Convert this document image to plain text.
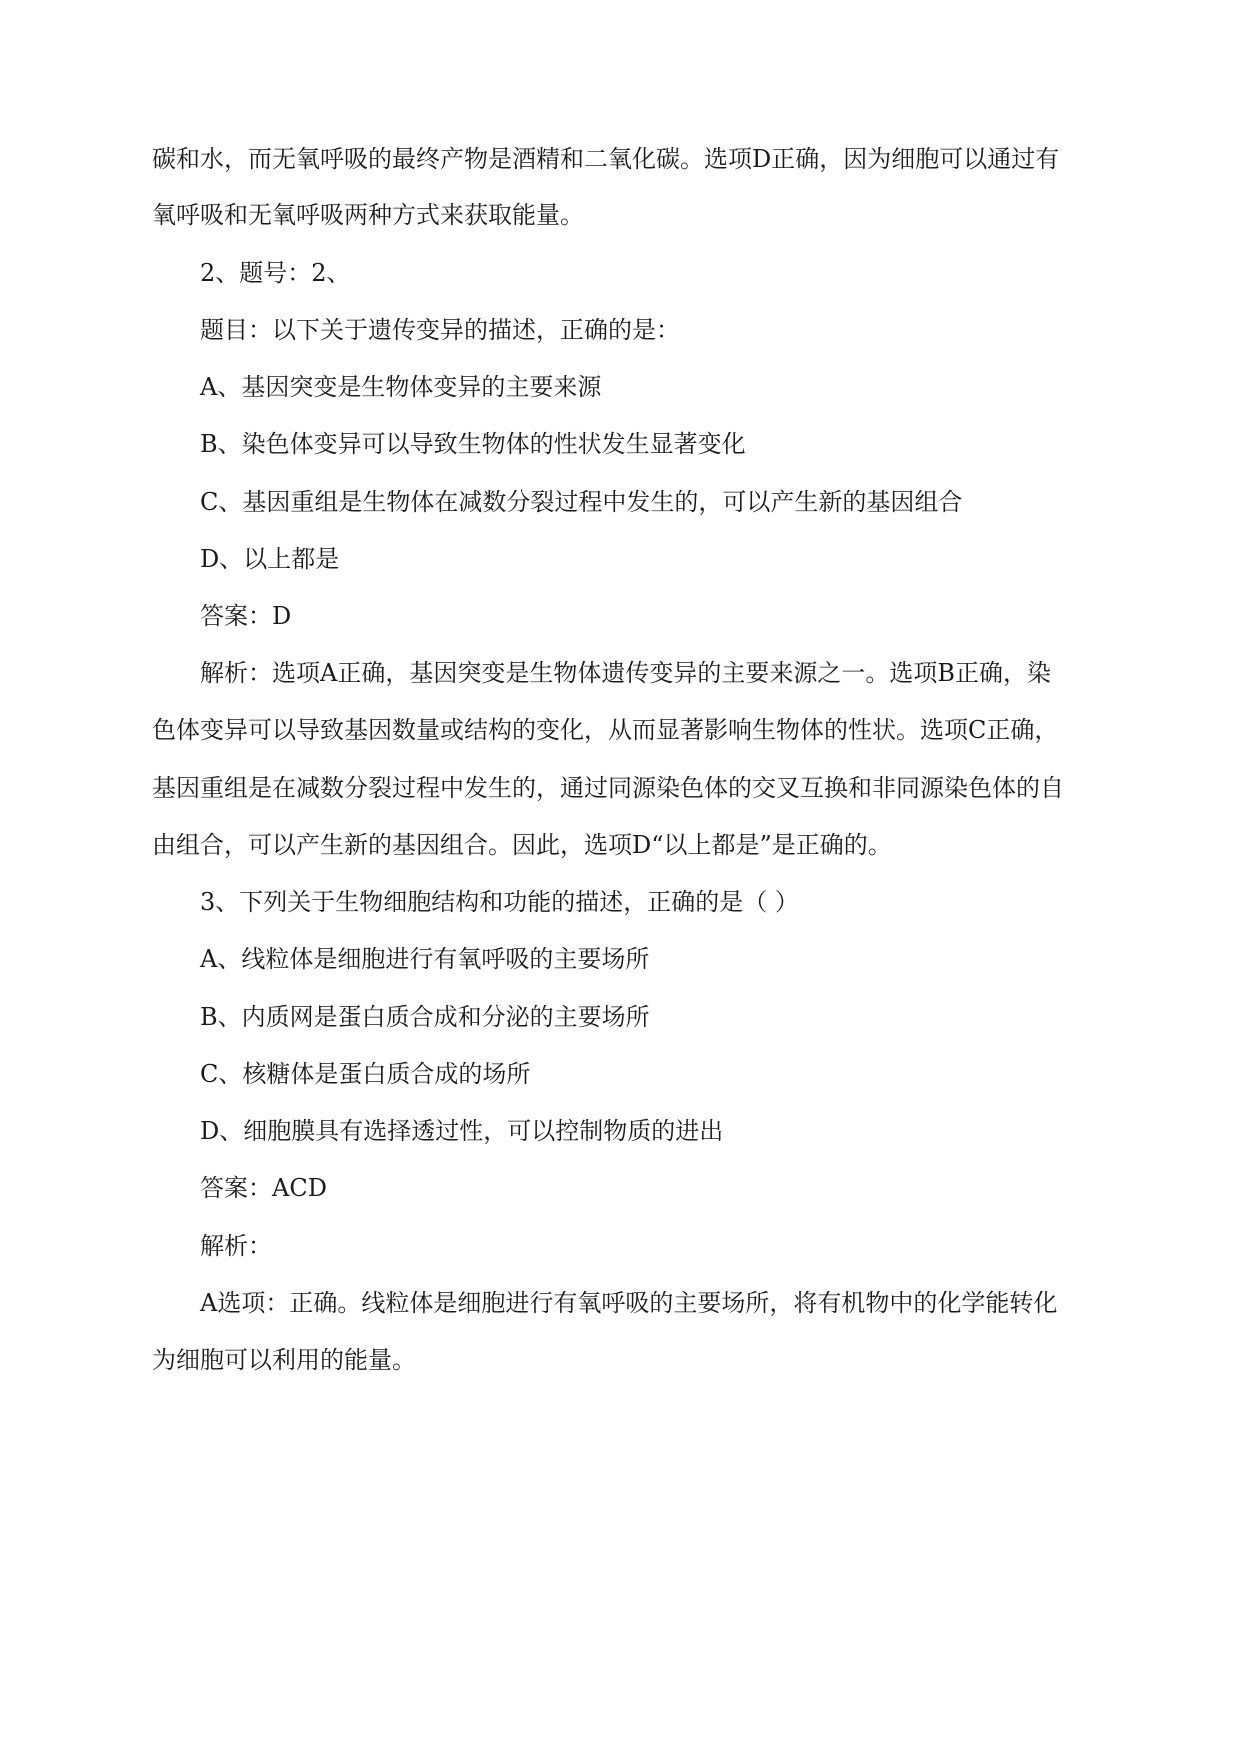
碳和水，而无氧呼吸的最终产物是酒精和二氧化碳。选项D正确，因为细胞可以通过有
氧呼吸和无氧呼吸两种方式来获取能量。
2、题号：2、
题目：以下关于遗传变异的描述，正确的是：
A、基因突变是生物体变异的主要来源
B、染色体变异可以导致生物体的性状发生显著变化
C、基因重组是生物体在减数分裂过程中发生的，可以产生新的基因组合
D、以上都是
答案：D
解析：选项A正确，基因突变是生物体遗传变异的主要来源之一。选项B正确，染
色体变异可以导致基因数量或结构的变化，从而显著影响生物体的性状。选项C正确，
基因重组是在减数分裂过程中发生的，通过同源染色体的交叉互换和非同源染色体的自
由组合，可以产生新的基因组合。因此，选项D“以上都是”是正确的。
3、下列关于生物细胞结构和功能的描述，正确的是（ ）
A、线粒体是细胞进行有氧呼吸的主要场所
B、内质网是蛋白质合成和分泌的主要场所
C、核糖体是蛋白质合成的场所
D、细胞膜具有选择透过性，可以控制物质的进出
答案：ACD
解析：
A选项：正确。线粒体是细胞进行有氧呼吸的主要场所，将有机物中的化学能转化
为细胞可以利用的能量。
